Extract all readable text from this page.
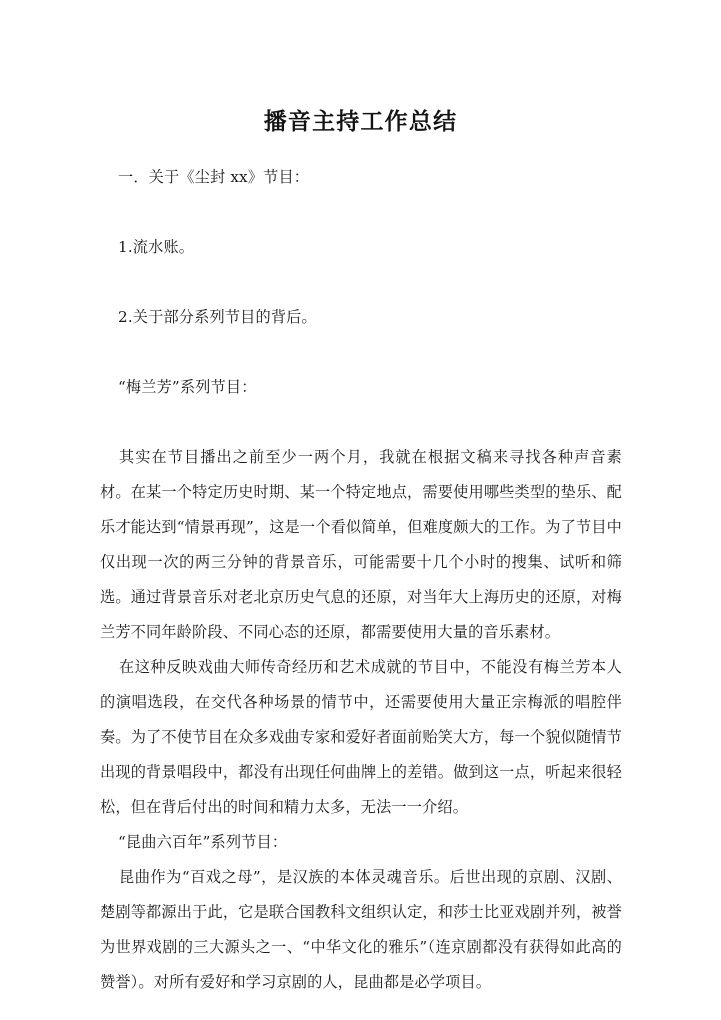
播音主持工作总结

一．关于《尘封 xx》节目：

1.流水账。

2.关于部分系列节目的背后。

“梅兰芳”系列节目：

其实在节目播出之前至少一两个月，我就在根据文稿来寻找各种声音素材。在某一个特定历史时期、某一个特定地点，需要使用哪些类型的垫乐、配乐才能达到“情景再现”，这是一个看似简单，但难度颇大的工作。为了节目中仅出现一次的两三分钟的背景音乐，可能需要十几个小时的搜集、试听和筛选。通过背景音乐对老北京历史气息的还原，对当年大上海历史的还原，对梅兰芳不同年龄阶段、不同心态的还原，都需要使用大量的音乐素材。

在这种反映戏曲大师传奇经历和艺术成就的节目中，不能没有梅兰芳本人的演唱选段，在交代各种场景的情节中，还需要使用大量正宗梅派的唱腔伴奏。为了不使节目在众多戏曲专家和爱好者面前贻笑大方，每一个貌似随情节出现的背景唱段中，都没有出现任何曲牌上的差错。做到这一点，听起来很轻松，但在背后付出的时间和精力太多，无法一一介绍。

“昆曲六百年”系列节目：

昆曲作为“百戏之母”，是汉族的本体灵魂音乐。后世出现的京剧、汉剧、楚剧等都源出于此，它是联合国教科文组织认定，和莎士比亚戏剧并列，被誉为世界戏剧的三大源头之一、“中华文化的雅乐”（连京剧都没有获得如此高的赞誉）。对所有爱好和学习京剧的人，昆曲都是必学项目。
